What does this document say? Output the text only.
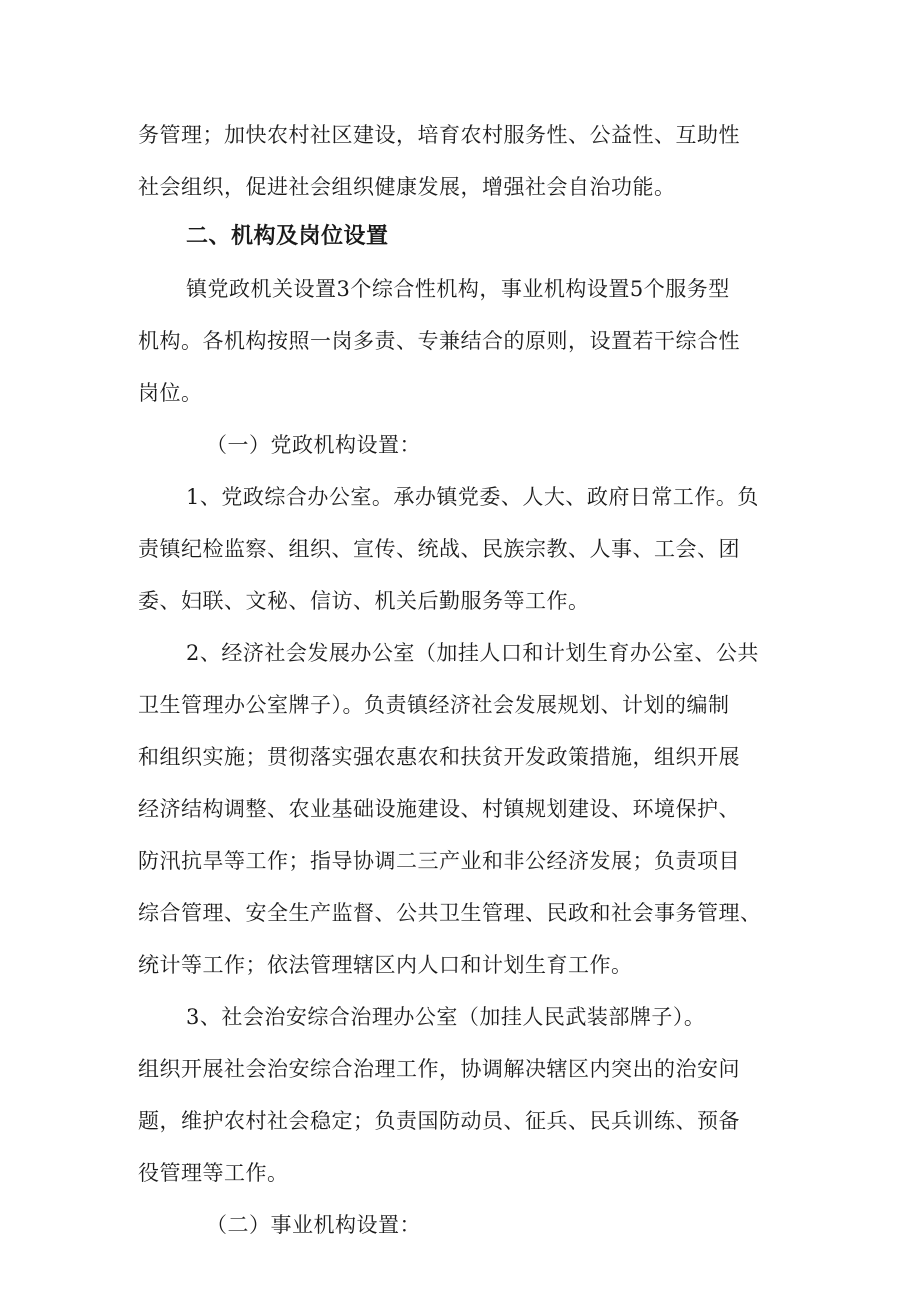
务管理；加快农村社区建设，培育农村服务性、公益性、互助性
社会组织，促进社会组织健康发展，增强社会自治功能。
二、机构及岗位设置
镇党政机关设置3个综合性机构，事业机构设置5个服务型
机构。各机构按照一岗多责、专兼结合的原则，设置若干综合性
岗位。
（一）党政机构设置：
1、党政综合办公室。承办镇党委、人大、政府日常工作。负
责镇纪检监察、组织、宣传、统战、民族宗教、人事、工会、团
委、妇联、文秘、信访、机关后勤服务等工作。
2、经济社会发展办公室（加挂人口和计划生育办公室、公共
卫生管理办公室牌子）。负责镇经济社会发展规划、计划的编制
和组织实施；贯彻落实强农惠农和扶贫开发政策措施，组织开展
经济结构调整、农业基础设施建设、村镇规划建设、环境保护、
防汛抗旱等工作；指导协调二三产业和非公经济发展；负责项目
综合管理、安全生产监督、公共卫生管理、民政和社会事务管理、
统计等工作；依法管理辖区内人口和计划生育工作。
3、社会治安综合治理办公室（加挂人民武装部牌子）。
组织开展社会治安综合治理工作，协调解决辖区内突出的治安问
题，维护农村社会稳定；负责国防动员、征兵、民兵训练、预备
役管理等工作。
（二）事业机构设置：
